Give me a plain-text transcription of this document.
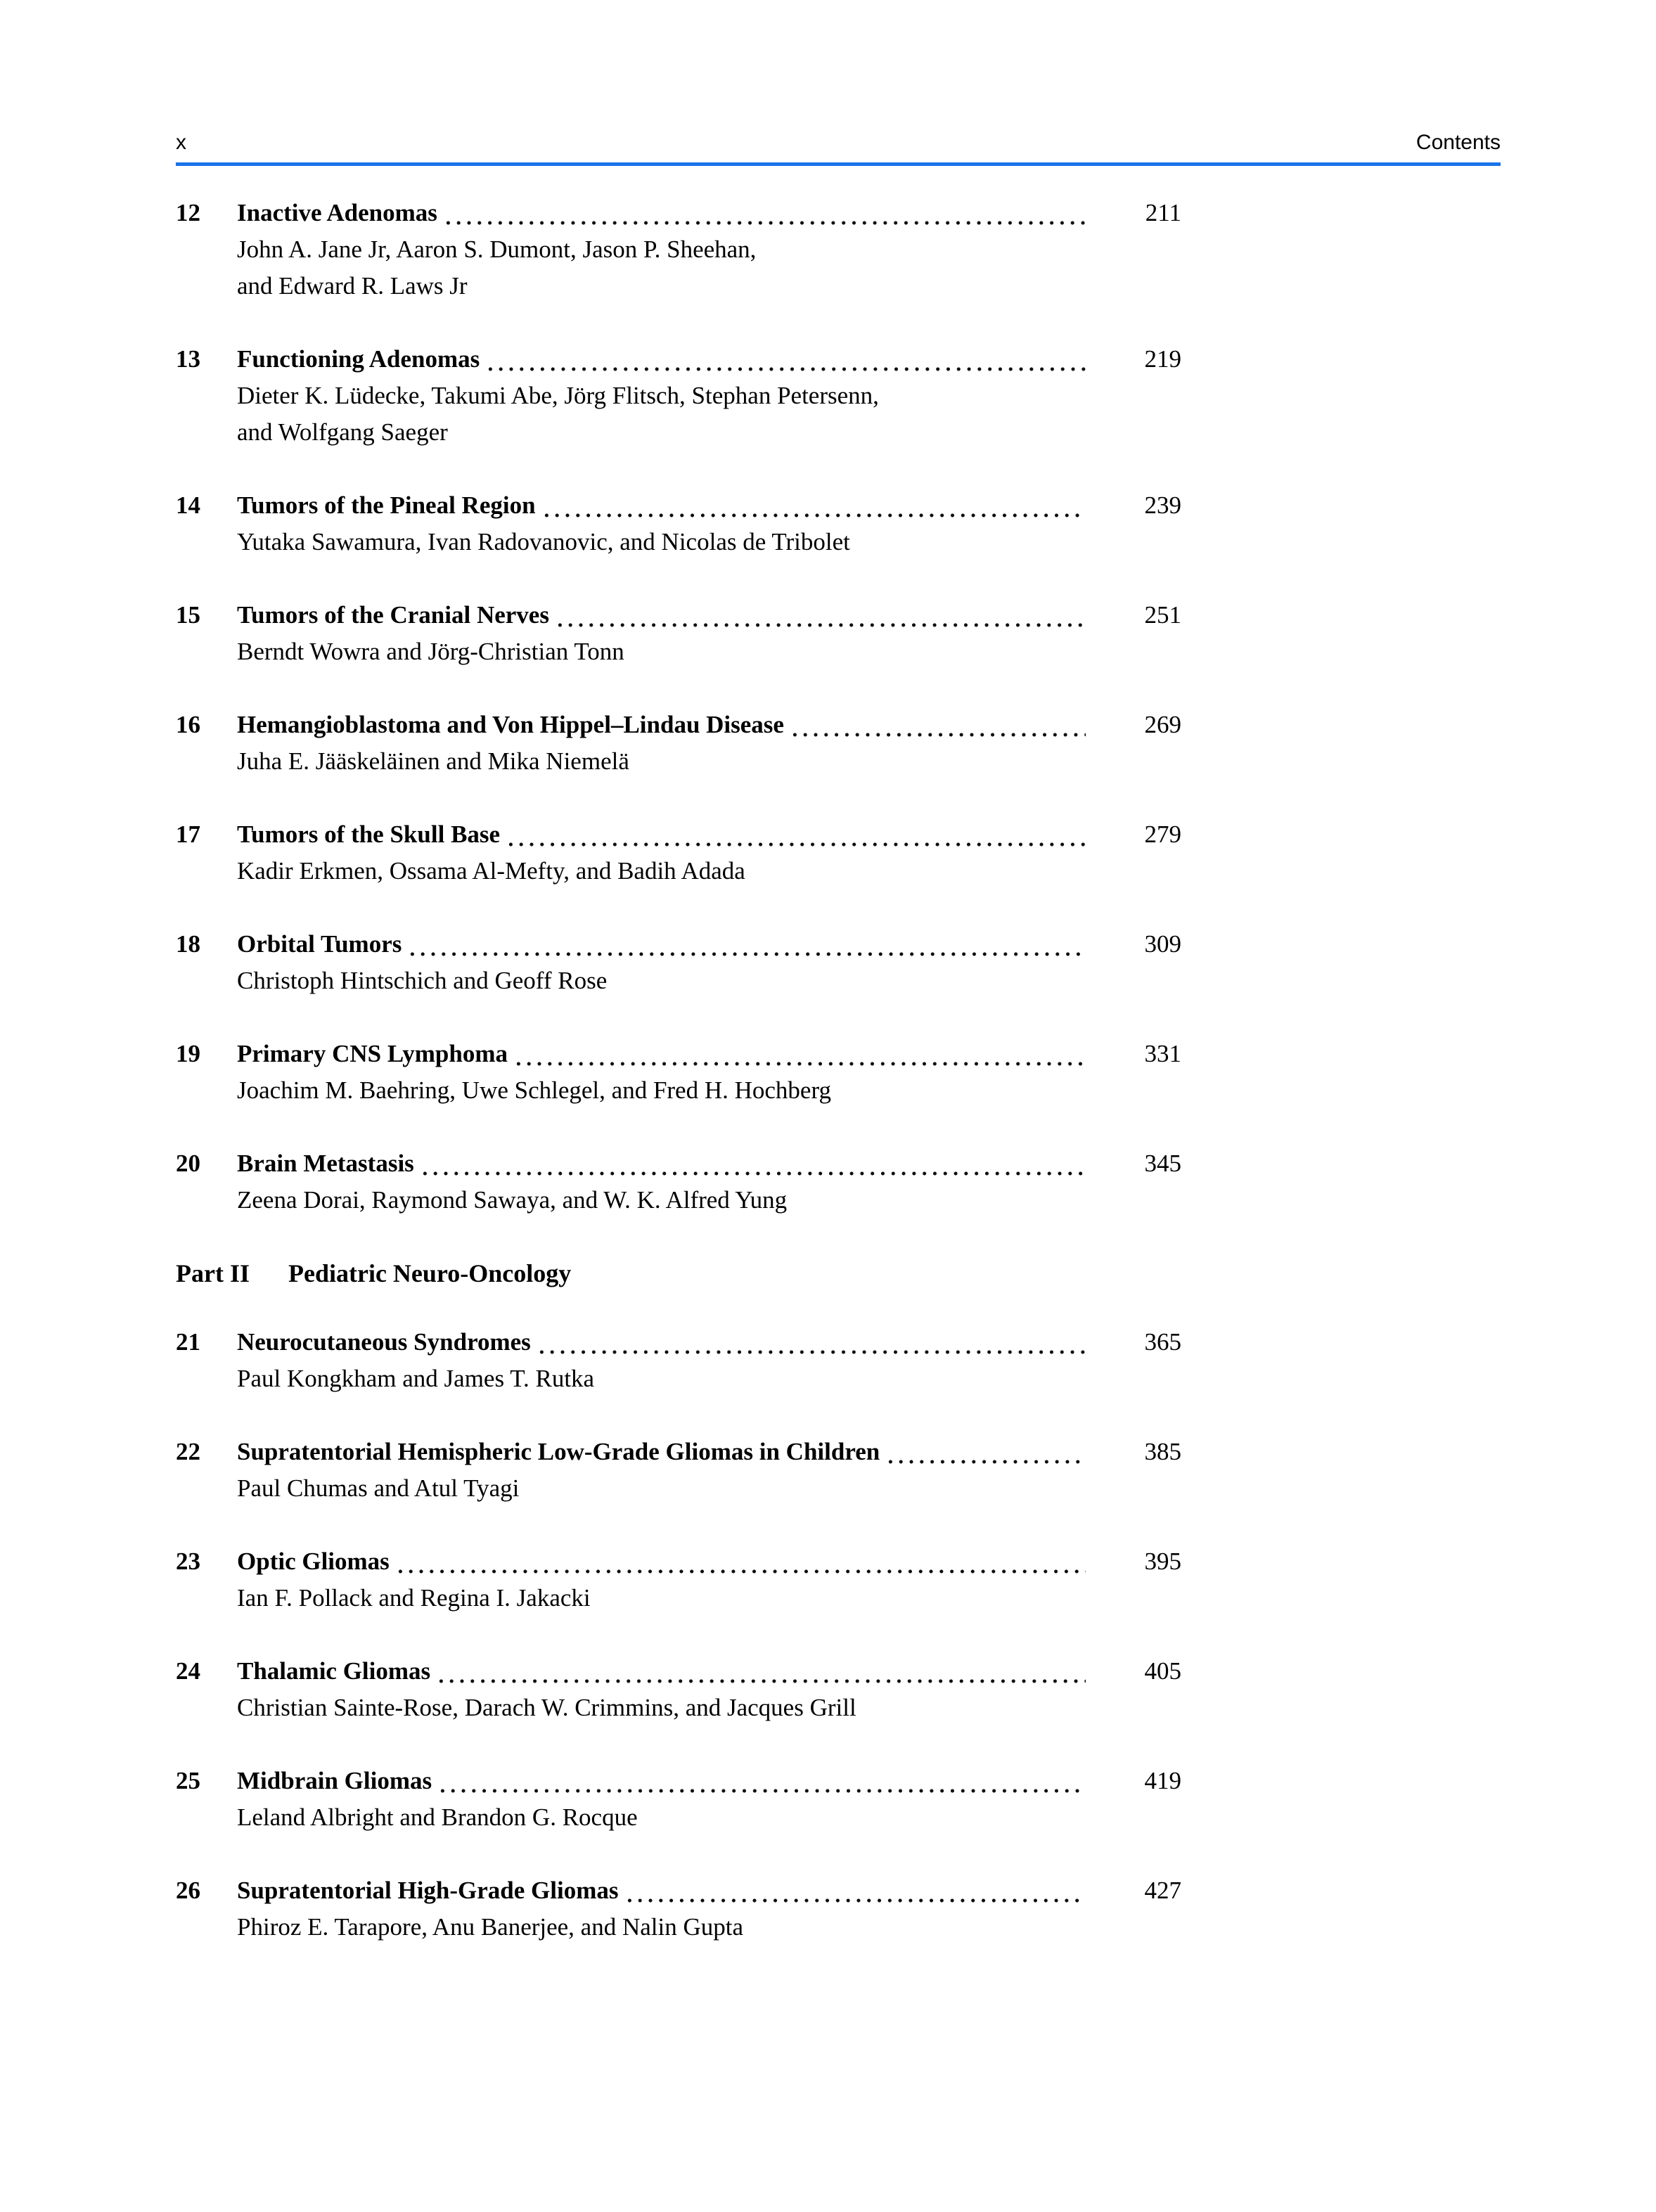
x	Contents
12	Inactive Adenomas	211
John A. Jane Jr, Aaron S. Dumont, Jason P. Sheehan,
and Edward R. Laws Jr
13	Functioning Adenomas	219
Dieter K. Lüdecke, Takumi Abe, Jörg Flitsch, Stephan Petersenn,
and Wolfgang Saeger
14	Tumors of the Pineal Region	239
Yutaka Sawamura, Ivan Radovanovic, and Nicolas de Tribolet
15	Tumors of the Cranial Nerves	251
Berndt Wowra and Jörg-Christian Tonn
16	Hemangioblastoma and Von Hippel–Lindau Disease	269
Juha E. Jääskeläinen and Mika Niemelä
17	Tumors of the Skull Base	279
Kadir Erkmen, Ossama Al-Mefty, and Badih Adada
18	Orbital Tumors	309
Christoph Hintschich and Geoff Rose
19	Primary CNS Lymphoma	331
Joachim M. Baehring, Uwe Schlegel, and Fred H. Hochberg
20	Brain Metastasis	345
Zeena Dorai, Raymond Sawaya, and W. K. Alfred Yung
Part II Pediatric Neuro-Oncology
21	Neurocutaneous Syndromes	365
Paul Kongkham and James T. Rutka
22	Supratentorial Hemispheric Low-Grade Gliomas in Children	385
Paul Chumas and Atul Tyagi
23	Optic Gliomas	395
Ian F. Pollack and Regina I. Jakacki
24	Thalamic Gliomas	405
Christian Sainte-Rose, Darach W. Crimmins, and Jacques Grill
25	Midbrain Gliomas	419
Leland Albright and Brandon G. Rocque
26	Supratentorial High-Grade Gliomas	427
Phiroz E. Tarapore, Anu Banerjee, and Nalin Gupta
